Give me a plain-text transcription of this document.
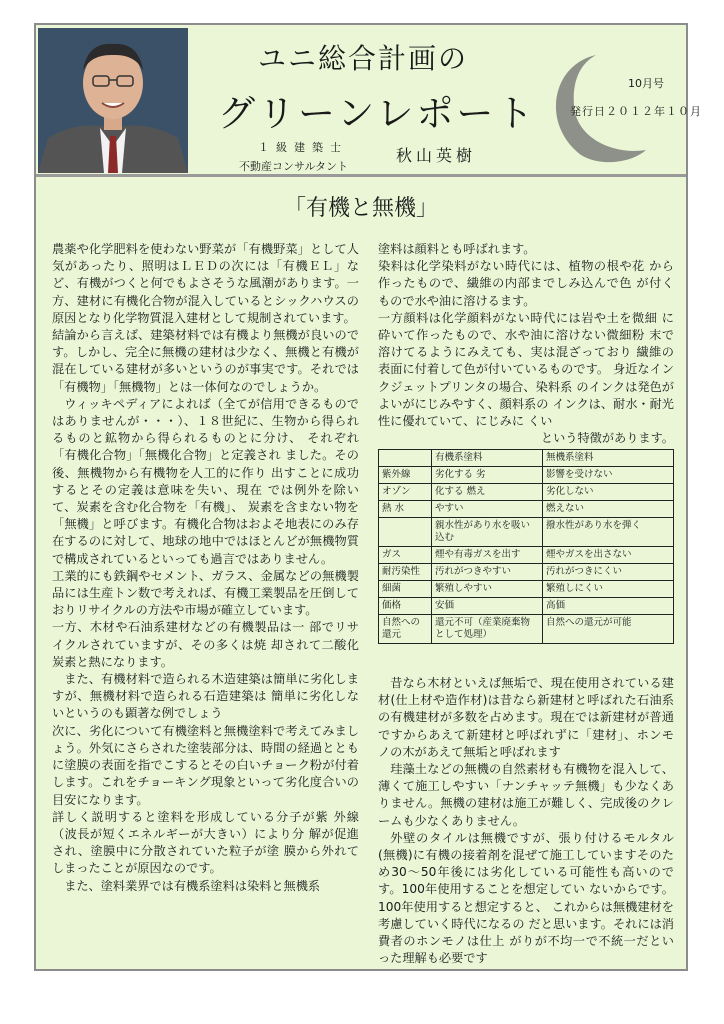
ユニ総合計画の
グリーンレポート
１級建築士
不動産コンサルタント
秋山英樹
10月号
発行日２０１２年１０月
「有機と無機」

農薬や化学肥料を使わない野菜が「有機野菜」として人気があったり、照明はＬＥＤの次には「有機ＥＬ」など、有機がつくと何でもよさそうな風潮があります。一方、建材に有機化合物が混入しているとシックハウスの原因となり化学物質混入建材として規制されています。

結論から言えば、建築材料では有機より無機が良いのです。しかし、完全に無機の建材は少なく、無機と有機が混在している建材が多いというのが事実です。それでは「有機物」「無機物」とは一体何なのでしょうか。

ウィッキペディアによれば（全てが信用できるものではありませんが・・・）、１８世紀に、生物から得られるものと鉱物から得られるものとに分け、 それぞれ「有機化合物」「無機化合物」と定義され ました。その後、無機物から有機物を人工的に作り 出すことに成功するとその定義は意味を失い、現在 では例外を除いて、炭素を含む化合物を「有機」、 炭素を含まない物を「無機」と呼びます。有機化合物はおよそ地表にのみ存在するのに対して、地球の地中ではほとんどが無機物質で構成されているといっても過言ではありません。

工業的にも鉄鋼やセメント、ガラス、金属などの無機製品には生産トン数で考えれば、有機工業製品を圧倒しておりリサイクルの方法や市場が確立しています。

一方、木材や石油系建材などの有機製品は一 部でリサイクルされていますが、その多くは焼 却されて二酸化炭素と熱になります。

また、有機材料で造られる木造建築は簡単に劣化しますが、無機材料で造られる石造建築は 簡単に劣化しないというのも顕著な例でしょう

次に、劣化について有機塗料と無機塗料で考えてみましょう。外気にさらされた塗装部分は、時間の経過とともに塗膜の表面を指でこするとその白いチョーク粉が付着します。これをチョーキング現象といって劣化度合いの目安になります。

詳しく説明すると塗料を形成している分子が紫 外線（波長が短くエネルギーが大きい）により分 解が促進され、塗膜中に分散されていた粒子が塗 膜から外れてしまったことが原因なのです。

また、塗料業界では有機系塗料は染料と無機系

塗料は顔料とも呼ばれます。

染料は化学染料がない時代には、植物の根や花 から作ったもので、繊維の内部までしみ込んで色 が付くもので水や油に溶けるます。

一方顔料は化学顔料がない時代には岩や土を微細 に砕いて作ったもので、水や油に溶けない微細粉 末で溶けてるようにみえても、実は混ざっており 繊維の表面に付着して色が付いているものです。 身近なインクジェットプリンタの場合、染料系 のインクは発色がよいがにじみやすく、顔料系の インクは、耐水・耐光性に優れていて、にじみに くい

という特徴があります。

	有機系塗料	無機系塗料
紫外線	劣化する 劣	影響を受けない
オゾン	化する 燃え	劣化しない
熱 水	やすい	燃えない
	親水性があり水を吸い込む	撥水性があり水を弾く
ガス	煙や有毒ガスを出す	煙やガスを出さない
耐汚染性	汚れがつきやすい	汚れがつきにくい
細菌	繁殖しやすい	繁殖しにくい
価格	安価	高価
自然への還元	還元不可（産業廃棄物として処理）	自然への還元が可能

昔なら木材といえば無垢で、現在使用されている建材(仕上材や造作材)は昔なら新建材と呼ばれた石油系の有機建材が多数を占めます。現在では新建材が普通ですからあえて新建材と呼ばれずに「建材」、ホンモノの木があえて無垢と呼ばれます

珪藻土などの無機の自然素材も有機物を混入して、薄くて施工しやすい「ナンチャッテ無機」も少なくありません。無機の建材は施工が難しく、完成後のクレームも少なくありません。

外壁のタイルは無機ですが、張り付けるモルタル(無機)に有機の接着剤を混ぜて施工していますそのため30〜50年後には劣化している可能性も高いのです。100年使用することを想定してい ないからです。100年使用すると想定すると、 これからは無機建材を考慮していく時代になるの だと思います。それには消費者のホンモノは仕上 がりが不均一で不統一だといった理解も必要です
